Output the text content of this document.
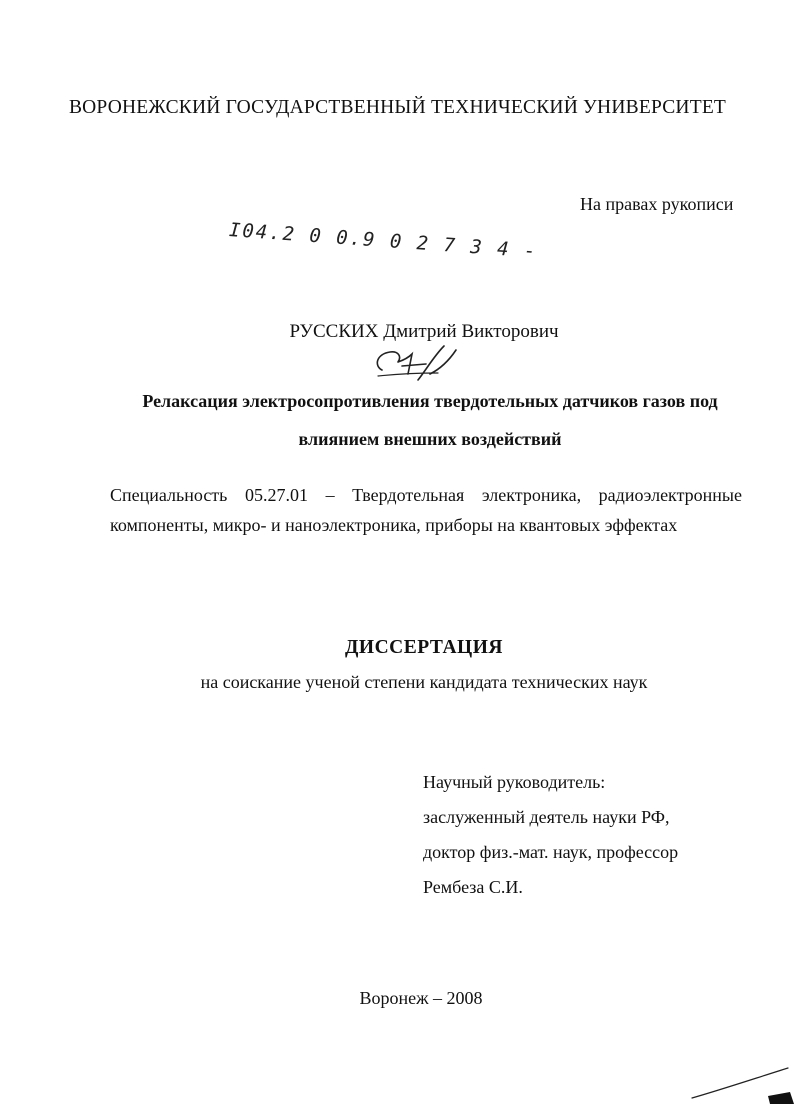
ВОРОНЕЖСКИЙ ГОСУДАРСТВЕННЫЙ ТЕХНИЧЕСКИЙ УНИВЕРСИТЕТ
На правах рукописи
І04.2 0 0.9 0 2 7 3 4 -
РУССКИХ Дмитрий Викторович
Релаксация электросопротивления твердотельных датчиков газов под влиянием внешних воздействий
Специальность 05.27.01 – Твердотельная электроника, радиоэлектронные
компоненты, микро- и наноэлектроника, приборы на квантовых эффектах
ДИССЕРТАЦИЯ
на соискание ученой степени кандидата технических наук
Научный руководитель:
заслуженный деятель науки РФ,
доктор физ.-мат. наук, профессор
Рембеза С.И.
Воронеж – 2008
